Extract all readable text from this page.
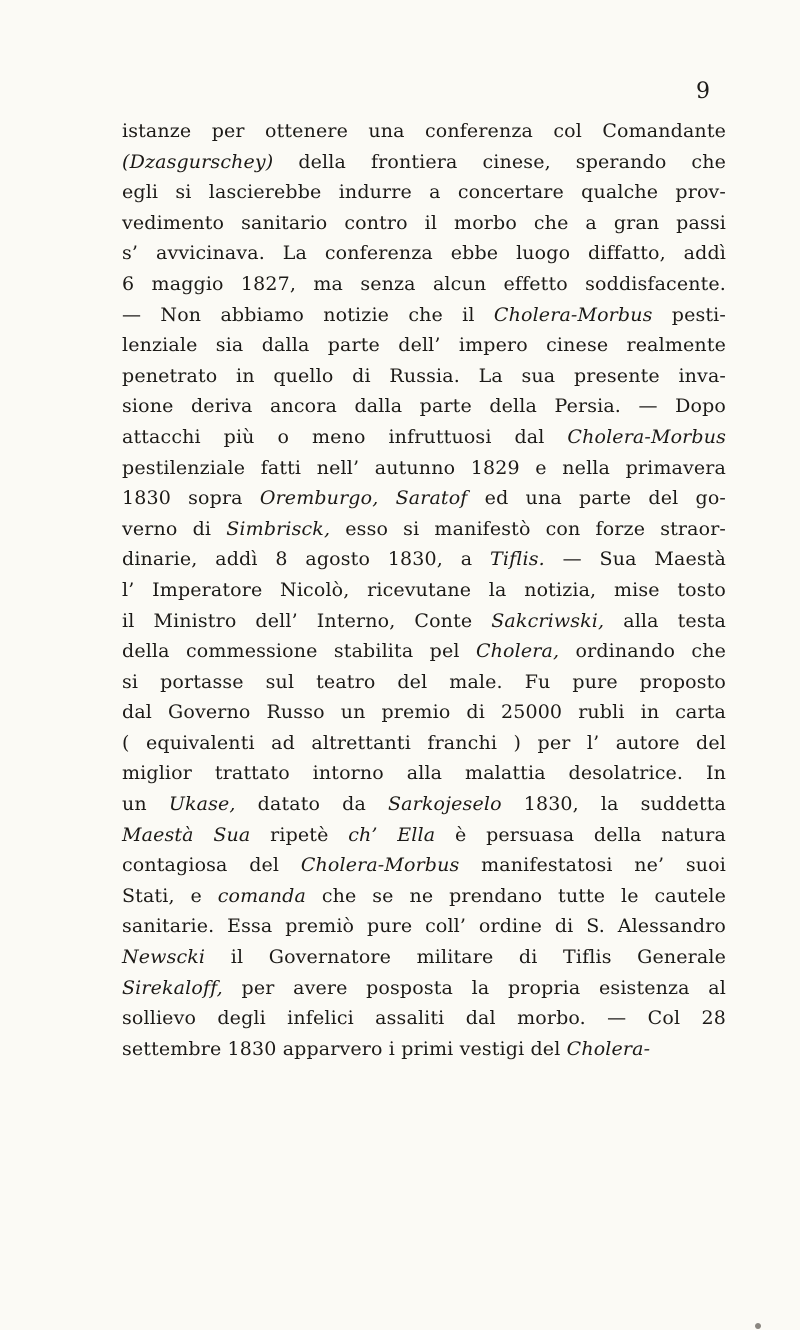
9
istanze per ottenere una conferenza col Comandante
(Dzasgurschey) della frontiera cinese, sperando che
egli si lascierebbe indurre a concertare qualche prov-
vedimento sanitario contro il morbo che a gran passi
s’ avvicinava. La conferenza ebbe luogo diffatto, addì
6 maggio 1827, ma senza alcun effetto soddisfacente.
— Non abbiamo notizie che il Cholera-Morbus pesti-
lenziale sia dalla parte dell’ impero cinese realmente
penetrato in quello di Russia. La sua presente inva-
sione deriva ancora dalla parte della Persia. — Dopo
attacchi più o meno infruttuosi dal Cholera-Morbus
pestilenziale fatti nell’ autunno 1829 e nella primavera
1830 sopra Oremburgo, Saratof ed una parte del go-
verno di Simbrisck, esso si manifestò con forze straor-
dinarie, addì 8 agosto 1830, a Tiflis. — Sua Maestà
l’ Imperatore Nicolò, ricevutane la notizia, mise tosto
il Ministro dell’ Interno, Conte Sakcriwski, alla testa
della commessione stabilita pel Cholera, ordinando che
si portasse sul teatro del male. Fu pure proposto
dal Governo Russo un premio di 25000 rubli in carta
( equivalenti ad altrettanti franchi ) per l’ autore del
miglior trattato intorno alla malattia desolatrice. In
un Ukase, datato da Sarkojeselo 1830, la suddetta
Maestà Sua ripetè ch’ Ella è persuasa della natura
contagiosa del Cholera-Morbus manifestatosi ne’ suoi
Stati, e comanda che se ne prendano tutte le cautele
sanitarie. Essa premiò pure coll’ ordine di S. Alessandro
Newscki il Governatore militare di Tiflis Generale
Sirekaloff, per avere posposta la propria esistenza al
sollievo degli infelici assaliti dal morbo. — Col 28
settembre 1830 apparvero i primi vestigi del Cholera-
